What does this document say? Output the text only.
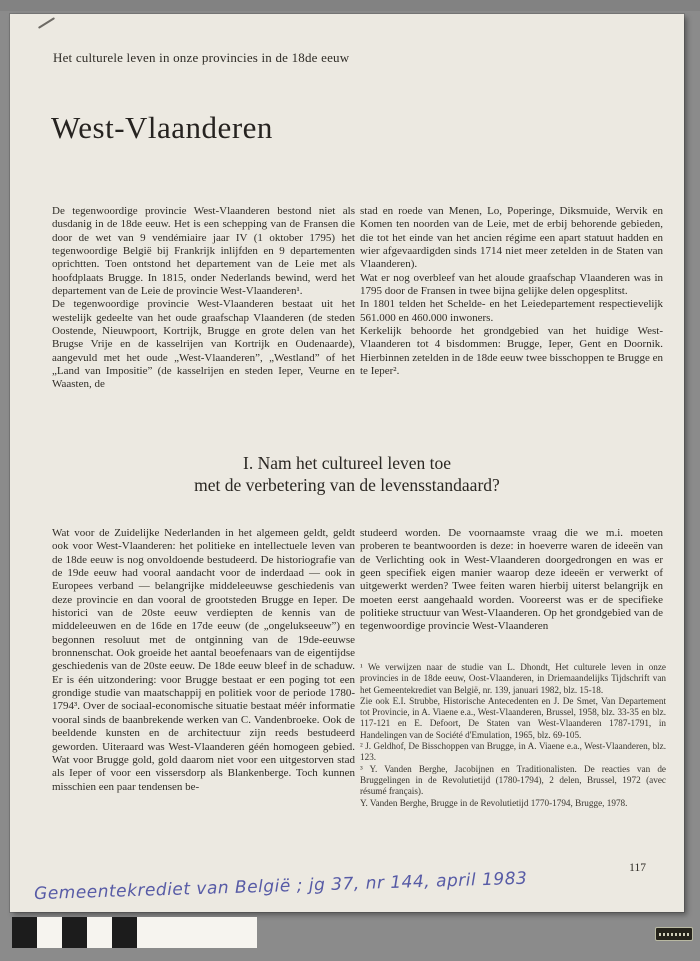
Het culturele leven in onze provincies in de 18de eeuw
West-Vlaanderen

De tegenwoordige provincie West-Vlaanderen bestond niet als dusdanig in de 18de eeuw. Het is een schepping van de Fransen die door de wet van 9 vendémiaire jaar IV (1 oktober 1795) het tegenwoordige België bij Frankrijk inlijfden en 9 departementen oprichtten. Toen ontstond het departement van de Leie met als hoofdplaats Brugge. In 1815, onder Nederlands bewind, werd het departement van de Leie de provincie West-Vlaanderen¹.

De tegenwoordige provincie West-Vlaanderen bestaat uit het westelijk gedeelte van het oude graafschap Vlaanderen (de steden Oostende, Nieuwpoort, Kortrijk, Brugge en grote delen van het Brugse Vrije en de kasselrijen van Kortrijk en Oudenaarde), aangevuld met het oude „West-Vlaanderen”, „Westland” of het „Land van Impositie” (de kasselrijen en steden Ieper, Veurne en Waasten, de

stad en roede van Menen, Lo, Poperinge, Diksmuide, Wervik en Komen ten noorden van de Leie, met de erbij behorende gebieden, die tot het einde van het ancien régime een apart statuut hadden en wier afgevaardigden sinds 1714 niet meer zetelden in de Staten van Vlaanderen).

Wat er nog overbleef van het aloude graafschap Vlaanderen was in 1795 door de Fransen in twee bijna gelijke delen opgesplitst.

In 1801 telden het Schelde- en het Leiedepartement respectievelijk 561.000 en 460.000 inwoners.

Kerkelijk behoorde het grondgebied van het huidige West-Vlaanderen tot 4 bisdommen: Brugge, Ieper, Gent en Doornik. Hierbinnen zetelden in de 18de eeuw twee bisschoppen te Brugge en te Ieper².

I. Nam het cultureel leven toe
met de verbetering van de levensstandaard?

Wat voor de Zuidelijke Nederlanden in het algemeen geldt, geldt ook voor West-Vlaanderen: het politieke en intellectuele leven van de 18de eeuw is nog onvoldoende bestudeerd. De historiografie van de 19de eeuw had vooral aandacht voor de inderdaad — ook in Europees verband — belangrijke middeleeuwse geschiedenis van deze provincie en dan vooral de grootsteden Brugge en Ieper. De historici van de 20ste eeuw verdiepten de kennis van de middeleeuwen en de 16de en 17de eeuw (de „ongelukseeuw”) en begonnen resoluut met de ontginning van de 19de-eeuwse bronnenschat. Ook groeide het aantal beoefenaars van de eigentijdse geschiedenis van de 20ste eeuw. De 18de eeuw bleef in de schaduw. Er is één uitzondering: voor Brugge bestaat er een poging tot een grondige studie van maatschappij en politiek voor de periode 1780-1794³. Over de sociaal-economische situatie bestaat méér informatie vooral sinds de baanbrekende werken van C. Vandenbroeke. Ook de beeldende kunsten en de architectuur zijn reeds bestudeerd geworden. Uiteraard was West-Vlaanderen géén homogeen gebied. Wat voor Brugge gold, gold daarom niet voor een uitgestorven stad als Ieper of voor een vissersdorp als Blankenberge. Toch kunnen misschien een paar tendensen be-

studeerd worden. De voornaamste vraag die we m.i. moeten proberen te beantwoorden is deze: in hoeverre waren de ideeën van de Verlichting ook in West-Vlaanderen doorgedrongen en was er geen specifiek eigen manier waarop deze ideeën er verwerkt of uitgewerkt werden? Twee feiten waren hierbij uiterst belangrijk en moeten eerst aangehaald worden. Vooreerst was er de specifieke politieke structuur van West-Vlaanderen. Op het grondgebied van de tegenwoordige provincie West-Vlaanderen

¹ We verwijzen naar de studie van L. Dhondt, Het culturele leven in onze provincies in de 18de eeuw, Oost-Vlaanderen, in Driemaandelijks Tijdschrift van het Gemeentekrediet van België, nr. 139, januari 1982, blz. 15-18.

Zie ook E.I. Strubbe, Historische Antecedenten en J. De Smet, Van Departement tot Provincie, in A. Viaene e.a., West-Vlaanderen, Brussel, 1958, blz. 33-35 en blz. 117-121 en E. Defoort, De Staten van West-Vlaanderen 1787-1791, in Handelingen van de Société d'Emulation, 1965, blz. 69-105.

² J. Geldhof, De Bisschoppen van Brugge, in A. Viaene e.a., West-Vlaanderen, blz. 123.

³ Y. Vanden Berghe, Jacobijnen en Traditionalisten. De reacties van de Bruggelingen in de Revolutietijd (1780-1794), 2 delen, Brussel, 1972 (avec résumé français).

Y. Vanden Berghe, Brugge in de Revolutietijd 1770-1794, Brugge, 1978.

117
Gemeentekrediet van België ; jg 37, nr 144, april 1983
